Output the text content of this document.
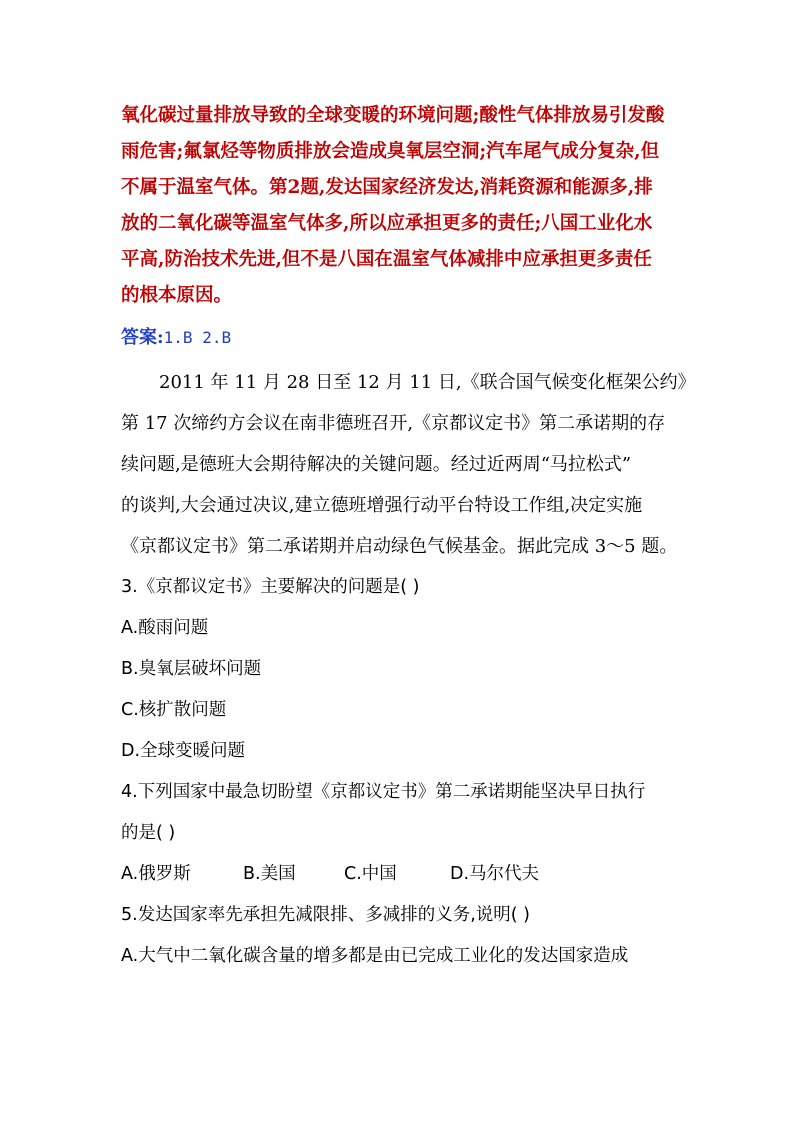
氧化碳过量排放导致的全球变暖的环境问题;酸性气体排放易引发酸
雨危害;氟氯烃等物质排放会造成臭氧层空洞;汽车尾气成分复杂,但
不属于温室气体。第2题,发达国家经济发达,消耗资源和能源多,排
放的二氧化碳等温室气体多,所以应承担更多的责任;八国工业化水
平高,防治技术先进,但不是八国在温室气体减排中应承担更多责任
的根本原因。
答案:1.B 2.B
2011 年 11 月 28 日至 12 月 11 日,《联合国气候变化框架公约》
第 17 次缔约方会议在南非德班召开,《京都议定书》第二承诺期的存
续问题,是德班大会期待解决的关键问题。经过近两周“马拉松式”
的谈判,大会通过决议,建立德班增强行动平台特设工作组,决定实施
《京都议定书》第二承诺期并启动绿色气候基金。据此完成 3～5 题。

3.《京都议定书》主要解决的问题是( )

A.酸雨问题

B.臭氧层破坏问题

C.核扩散问题

D.全球变暖问题

4.下列国家中最急切盼望《京都议定书》第二承诺期能坚决早日执行

的是( )

A.俄罗斯	B.美国	C.中国	D.马尔代夫

5.发达国家率先承担先减限排、多减排的义务,说明( )

A.大气中二氧化碳含量的增多都是由已完成工业化的发达国家造成
